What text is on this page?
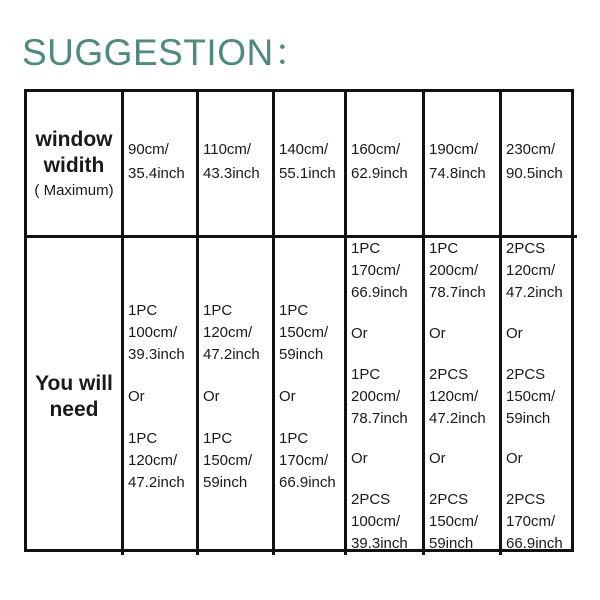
SUGGESTION：
window
widith
( Maximum)
90cm/
35.4inch
110cm/
43.3inch
140cm/
55.1inch
160cm/
62.9inch
190cm/
74.8inch
230cm/
90.5inch
You will
need
1PC
100cm/
39.3inch
Or
1PC
120cm/
47.2inch
1PC
120cm/
47.2inch
Or
1PC
150cm/
59inch
1PC
150cm/
59inch
Or
1PC
170cm/
66.9inch
1PC
170cm/
66.9inch
Or
1PC
200cm/
78.7inch
Or
2PCS
100cm/
39.3inch
1PC
200cm/
78.7inch
Or
2PCS
120cm/
47.2inch
Or
2PCS
150cm/
59inch
2PCS
120cm/
47.2inch
Or
2PCS
150cm/
59inch
Or
2PCS
170cm/
66.9inch
